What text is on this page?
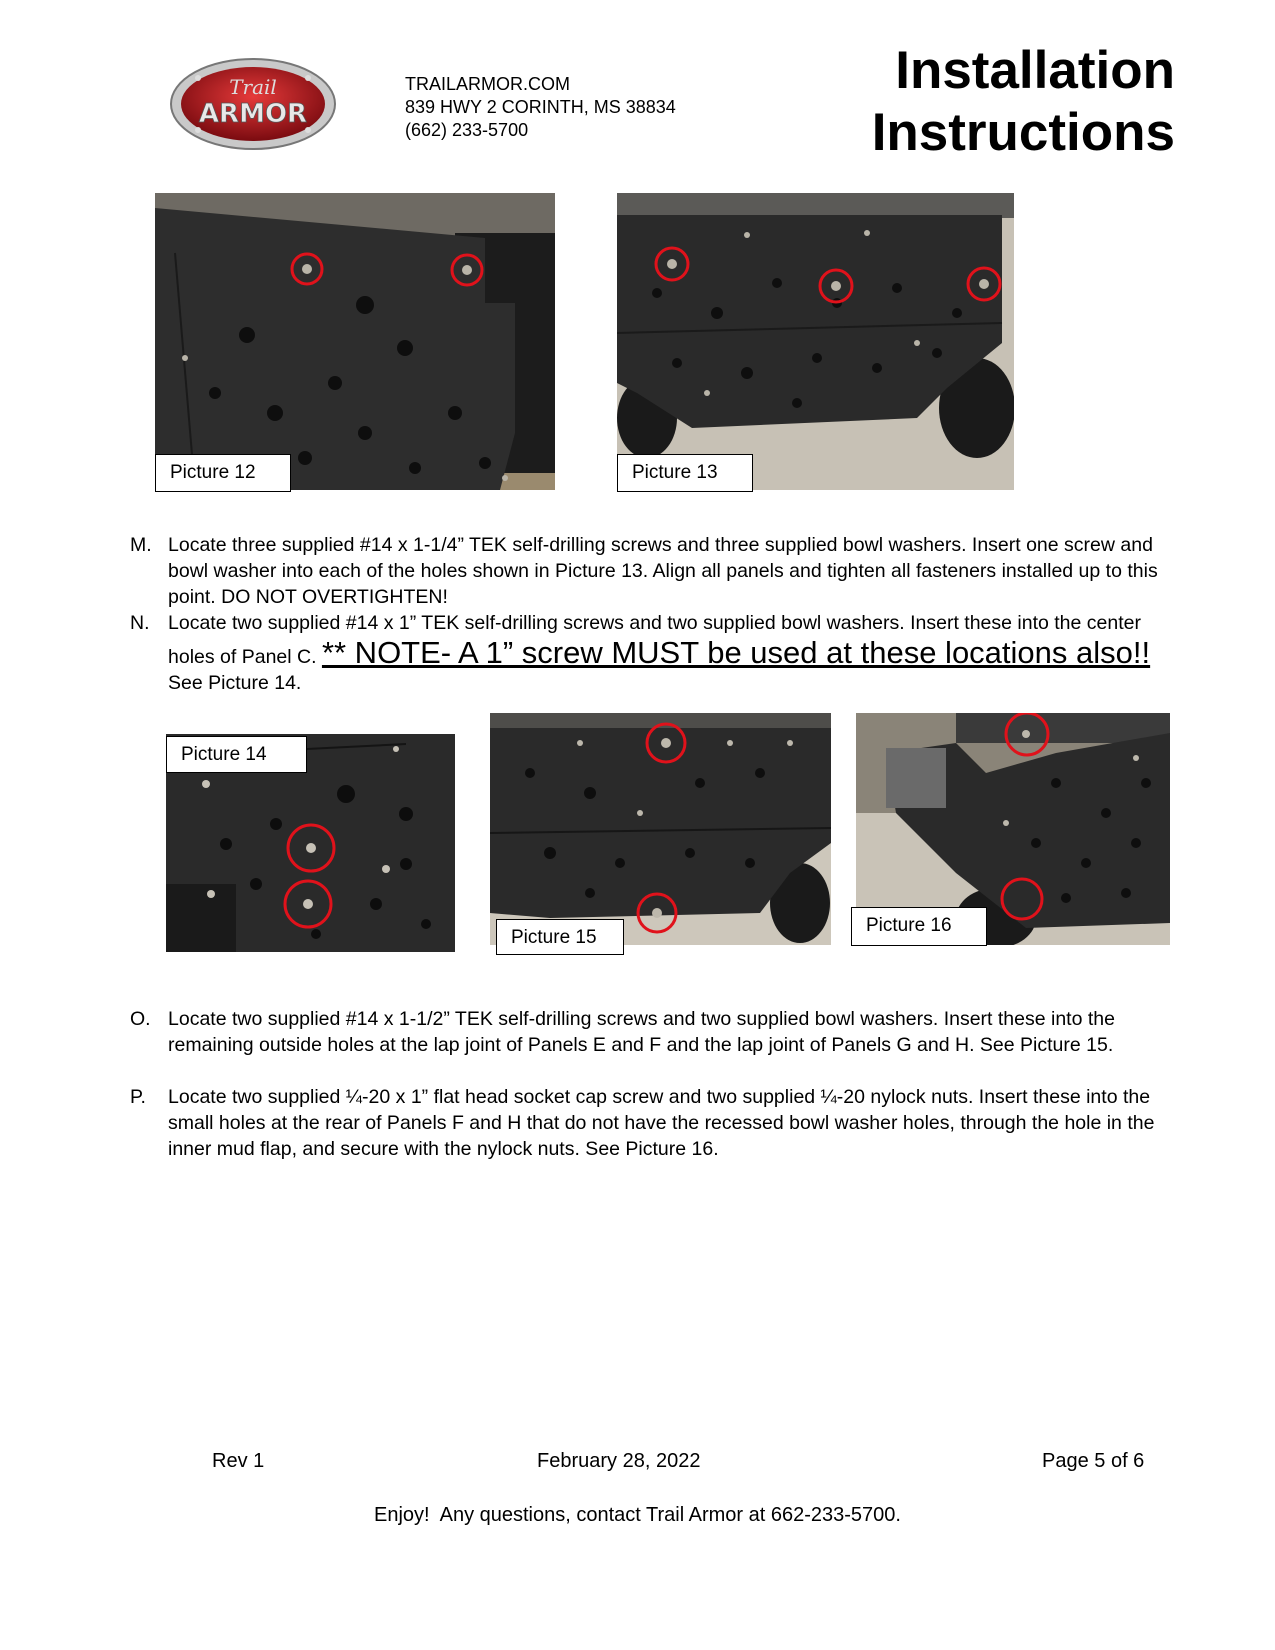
Trail
ARMOR
TRAILARMOR.COM
839 HWY 2 CORINTH, MS 38834
(662) 233-5700
Installation
Instructions
Picture 12	Picture 13
M. Locate three supplied #14 x 1-1/4” TEK self-drilling screws and three supplied bowl washers. Insert one screw and bowl washer into each of the holes shown in Picture 13. Align all panels and tighten all fasteners installed up to this point. DO NOT OVERTIGHTEN!
N. Locate two supplied #14 x 1” TEK self-drilling screws and two supplied bowl washers. Insert these into the center holes of Panel C. ** NOTE- A 1” screw MUST be used at these locations also!! See Picture 14.
Picture 14
Picture 15
Picture 16
O. Locate two supplied #14 x 1-1/2” TEK self-drilling screws and two supplied bowl washers. Insert these into the remaining outside holes at the lap joint of Panels E and F and the lap joint of Panels G and H. See Picture 15.
P. Locate two supplied ¼-20 x 1” flat head socket cap screw and two supplied ¼-20 nylock nuts. Insert these into the small holes at the rear of Panels F and H that do not have the recessed bowl washer holes, through the hole in the inner mud flap, and secure with the nylock nuts. See Picture 16.
Rev 1	February 28, 2022	Page 5 of 6
Enjoy!  Any questions, contact Trail Armor at 662-233-5700.
